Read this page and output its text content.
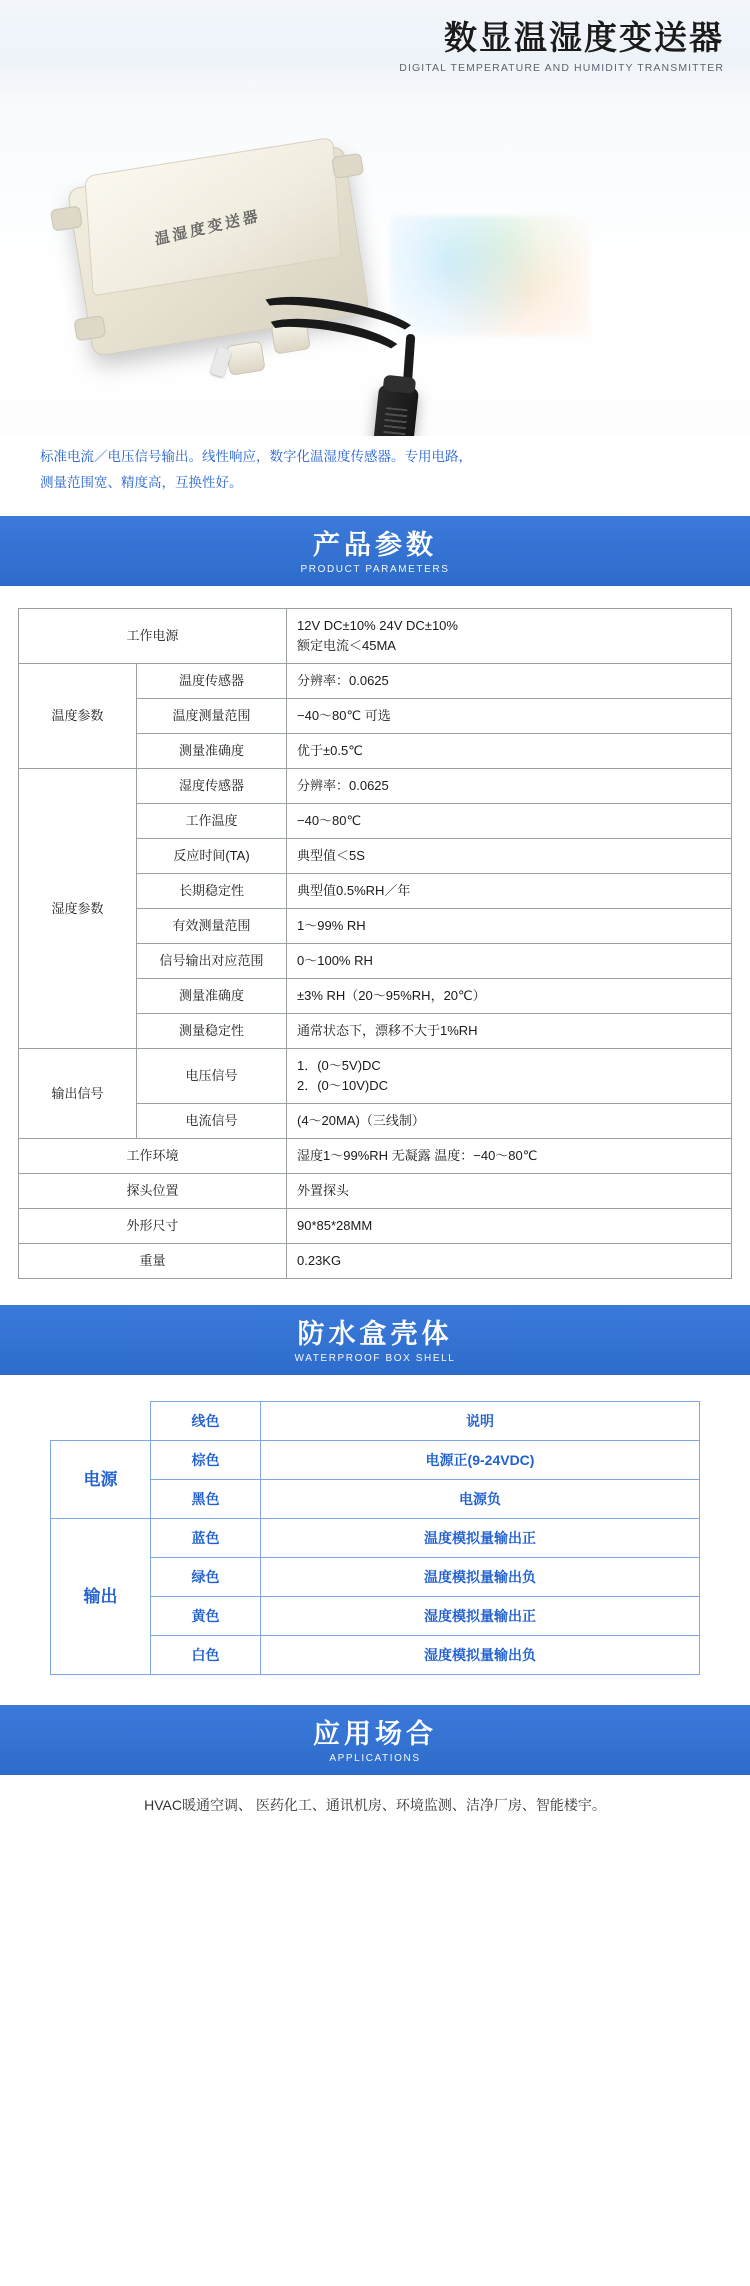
数显温湿度变送器
DIGITAL TEMPERATURE AND HUMIDITY TRANSMITTER
温湿度变送器
标准电流／电压信号输出。线性响应，数字化温湿度传感器。专用电路，
测量范围宽、精度高，互换性好。
产品参数
PRODUCT PARAMETERS
工作电源		12V DC±10% 24V DC±10%
额定电流＜45MA

温度参数	温度传感器	分辨率：0.0625
	温度测量范围	−40～80℃ 可选
	测量准确度	优于±0.5℃
湿度参数	湿度传感器	分辨率：0.0625
	工作温度	−40～80℃
	反应时间(TA)	典型值＜5S
	长期稳定性	典型值0.5%RH／年
	有效测量范围	1～99% RH
	信号输出对应范围	0～100% RH
	测量准确度	±3% RH（20～95%RH，20℃）
	测量稳定性	通常状态下，漂移不大于1%RH
输出信号	电压信号	1．(0～5V)DC
2．(0～10V)DC

	电流信号	(4～20MA)（三线制）
工作环境		湿度1～99%RH 无凝露 温度：−40～80℃
探头位置		外置探头
外形尺寸		90*85*28MM
重量		0.23KG
防水盒壳体
WATERPROOF BOX SHELL
	线色	说明
电源	棕色	电源正(9-24VDC)
	黑色	电源负
输出	蓝色	温度模拟量输出正
	绿色	温度模拟量输出负
	黄色	湿度模拟量输出正
	白色	湿度模拟量输出负
应用场合
APPLICATIONS
HVAC暖通空调、 医药化工、通讯机房、环境监测、洁净厂房、智能楼宇。
